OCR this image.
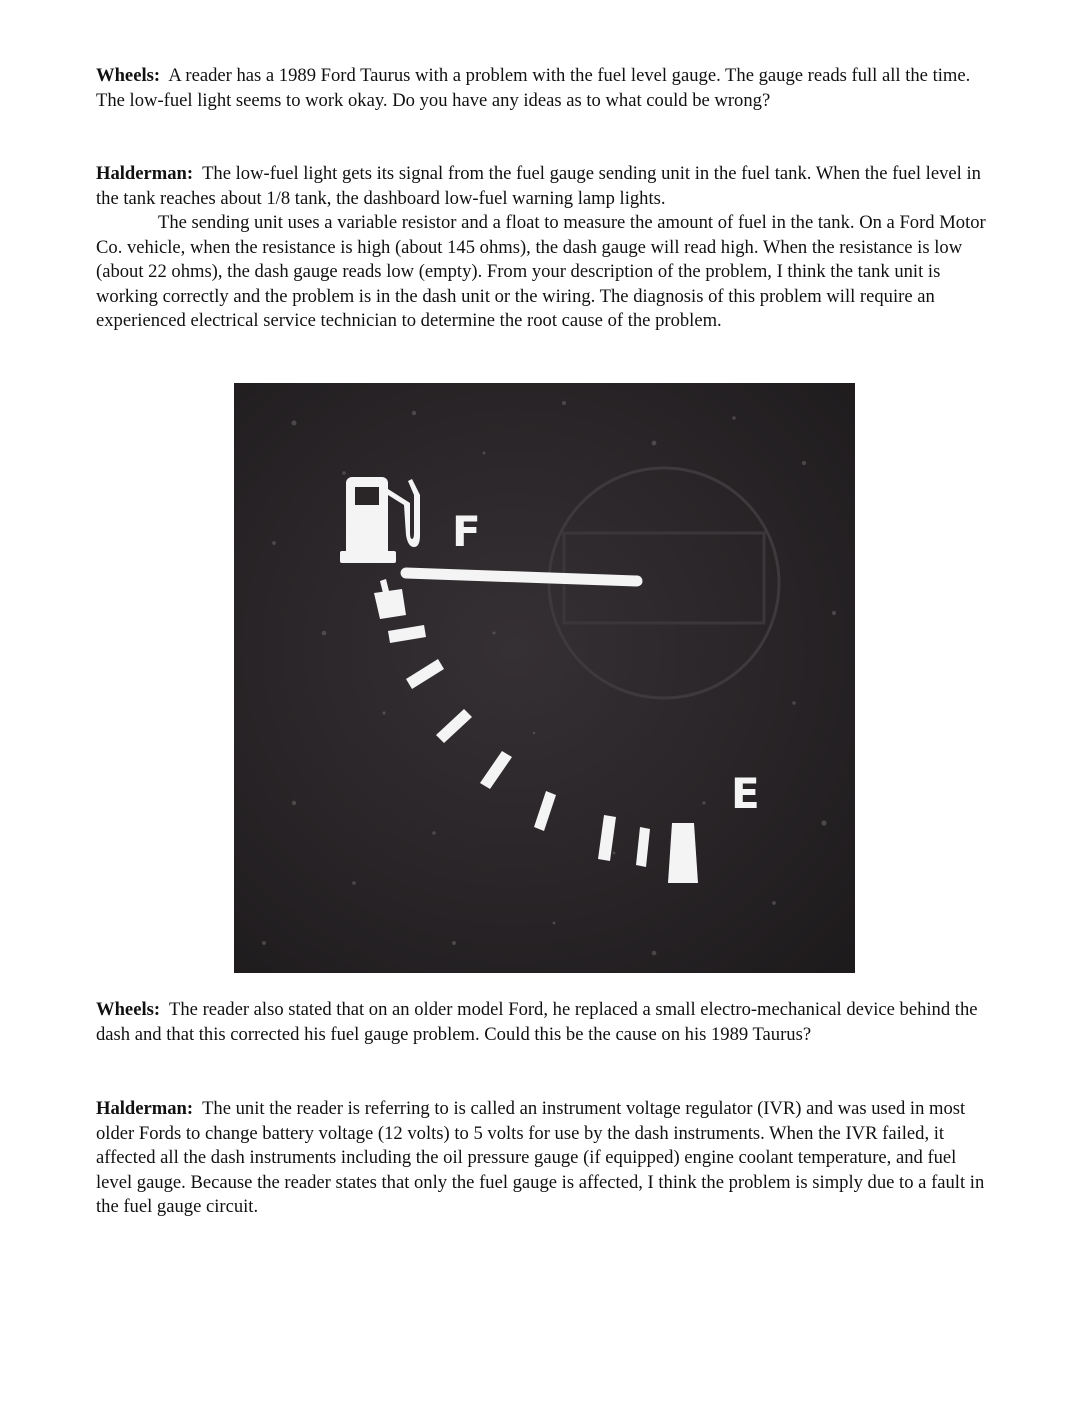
Wheels: A reader has a 1989 Ford Taurus with a problem with the fuel level gauge. The gauge reads full all the time. The low-fuel light seems to work okay. Do you have any ideas as to what could be wrong?

Halderman: The low-fuel light gets its signal from the fuel gauge sending unit in the fuel tank. When the fuel level in the tank reaches about 1/8 tank, the dashboard low-fuel warning lamp lights.
The sending unit uses a variable resistor and a float to measure the amount of fuel in the tank. On a Ford Motor Co. vehicle, when the resistance is high (about 145 ohms), the dash gauge will read high. When the resistance is low (about 22 ohms), the dash gauge reads low (empty). From your description of the problem, I think the tank unit is working correctly and the problem is in the dash unit or the wiring. The diagnosis of this problem will require an experienced electrical service technician to determine the root cause of the problem.

F
E

Wheels: The reader also stated that on an older model Ford, he replaced a small electro-mechanical device behind the dash and that this corrected his fuel gauge problem. Could this be the cause on his 1989 Taurus?

Halderman: The unit the reader is referring to is called an instrument voltage regulator (IVR) and was used in most older Fords to change battery voltage (12 volts) to 5 volts for use by the dash instruments. When the IVR failed, it affected all the dash instruments including the oil pressure gauge (if equipped) engine coolant temperature, and fuel level gauge. Because the reader states that only the fuel gauge is affected, I think the problem is simply due to a fault in the fuel gauge circuit.
